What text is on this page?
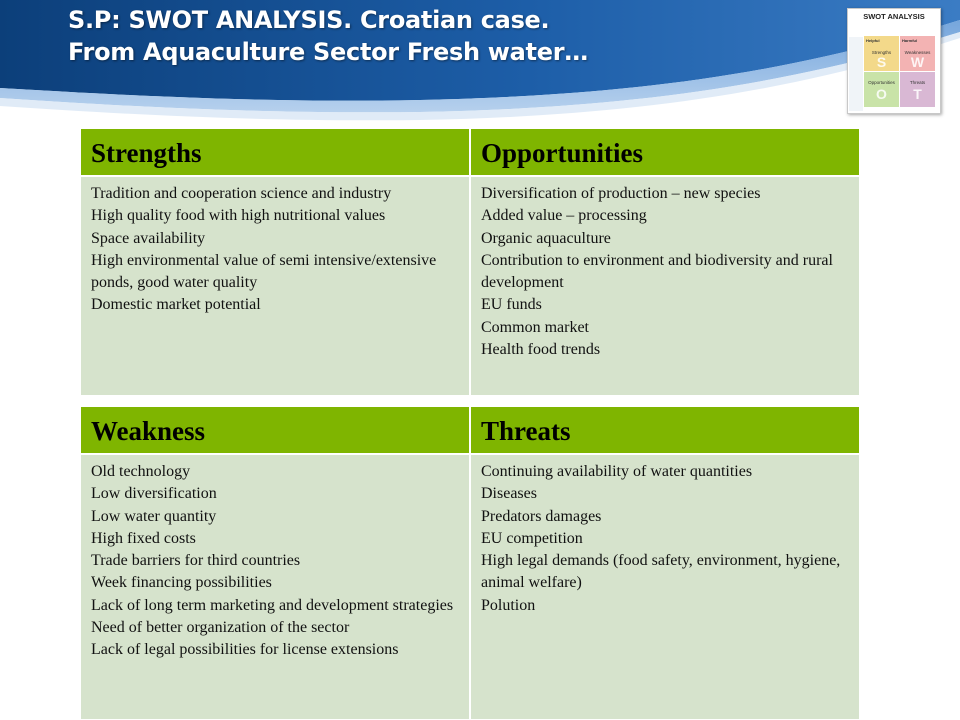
S.P: SWOT ANALYSIS. Croatian case.
From Aquaculture Sector Fresh water…
SWOT ANALYSIS
Helpful
Strengths
S
Harmful
Weaknesses
W
Opportunities
O
Threats
T
Strengths	Opportunities
Tradition and cooperation science and industry
High quality food with high nutritional values
Space availability
High environmental value of semi intensive/extensive ponds, good water quality
Domestic market potential
Diversification of production – new species
Added value – processing
Organic aquaculture
Contribution to environment and biodiversity and rural development
EU funds
Common market
Health food trends
Weakness	Threats
Old technology
Low diversification
Low water quantity
High fixed costs
Trade barriers for third countries
Week financing possibilities
Lack of long term marketing and development strategies
Need of better organization of the sector
Lack of legal possibilities for license extensions
Continuing availability of water quantities
Diseases
Predators damages
EU competition
High legal demands (food safety, environment, hygiene, animal welfare)
Polution
